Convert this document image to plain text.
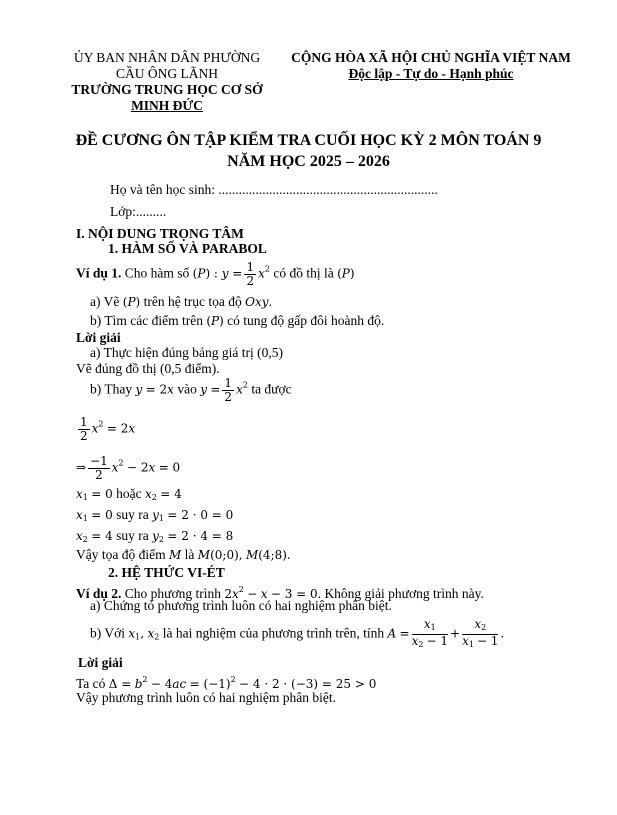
ỦY BAN NHÂN DÂN PHƯỜNG
CẦU ÔNG LÃNH
TRƯỜNG TRUNG HỌC CƠ SỞ
MINH ĐỨC
CỘNG HÒA XÃ HỘI CHỦ NGHĨA VIỆT NAM
Độc lập - Tự do - Hạnh phúc
ĐỀ CƯƠNG ÔN TẬP KIỂM TRA CUỐI HỌC KỲ 2 MÔN TOÁN 9
NĂM HỌC 2025 – 2026
Họ và tên học sinh: .................................................................
Lớp:.........
I. NỘI DUNG TRỌNG TÂM
1. HÀM SỐ VÀ PARABOL
Ví dụ 1. Cho hàm số (P) : $y = \frac{1}{2} x^2$ có đồ thị là (P)
a) Vẽ (P) trên hệ trục tọa độ Oxy.
b) Tìm các điểm trên (P) có tung độ gấp đôi hoành độ.
Lời giải
a) Thực hiện đúng bảng giá trị (0,5)
Vẽ đúng đồ thị (0,5 điểm).
b) Thay y = 2x vào $y = \frac{1}{2} x^2$ ta được
$\frac{1}{2} x^2 = 2x$
⇒ $\frac{-1}{2} x^2 - 2x = 0$
$x_1 = 0$ hoặc $x_2 = 4$
$x_1 = 0$ suy ra $y_1 = 2 \cdot 0 = 0$
$x_2 = 4$ suy ra $y_2 = 2 \cdot 4 = 8$
Vậy tọa độ điểm M là M(0;0), M(4;8).
2. HỆ THỨC VI-ÉT
Ví dụ 2. Cho phương trình $2x^2 - x - 3 = 0$. Không giải phương trình này.
a) Chứng tỏ phương trình luôn có hai nghiệm phân biệt.
b) Với $x_1$, $x_2$ là hai nghiệm của phương trình trên, tính $A = \frac{x_1}{x_2 - 1} + \frac{x_2}{x_1 - 1}$ .
Lời giải
Ta có $\Delta = b^2 - 4ac = (-1)^2 - 4 \cdot 2 \cdot (-3) = 25 > 0$
Vậy phương trình luôn có hai nghiệm phân biệt.
